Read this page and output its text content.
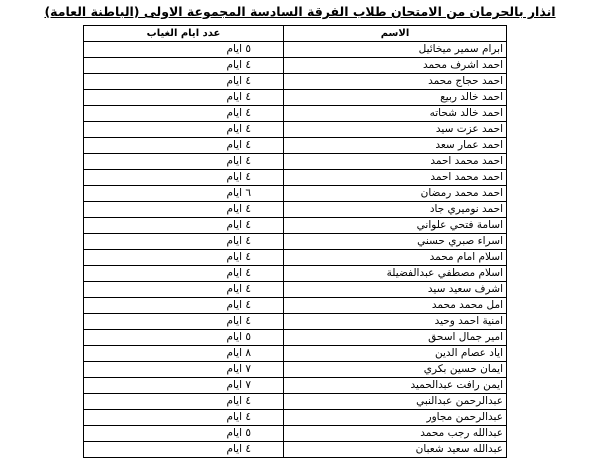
انذار بالحرمان من الامتحان طلاب الفرقة السادسة المجموعة الاولى (الباطنة العامة)
الاسم	عدد ايام الغياب
ابرام سمير ميخائيل	٥ ايام
احمد اشرف محمد	٤ ايام
احمد حجاج محمد	٤ ايام
احمد خالد ربيع	٤ ايام
احمد خالد شحاته	٤ ايام
احمد عزت سيد	٤ ايام
احمد عمار سعد	٤ ايام
احمد محمد احمد	٤ ايام
احمد محمد احمد	٤ ايام
احمد محمد رمضان	٦ ايام
احمد نوميري جاد	٤ ايام
اسامة فتحي علواني	٤ ايام
اسراء صبري حسني	٤ ايام
اسلام امام محمد	٤ ايام
اسلام مصطفي عبدالفضيلة	٤ ايام
اشرف سعيد سيد	٤ ايام
امل محمد محمد	٤ ايام
امنية احمد وحيد	٤ ايام
امير جمال اسحق	٥ ايام
اياد عصام الدين	٨ ايام
ايمان حسين بكري	٧ ايام
ايمن رافت عبدالحميد	٧ ايام
عبدالرحمن عبدالنبي	٤ ايام
عبدالرحمن مجاور	٤ ايام
عبدالله رجب محمد	٥ ايام
عبدالله سعيد شعبان	٤ ايام
